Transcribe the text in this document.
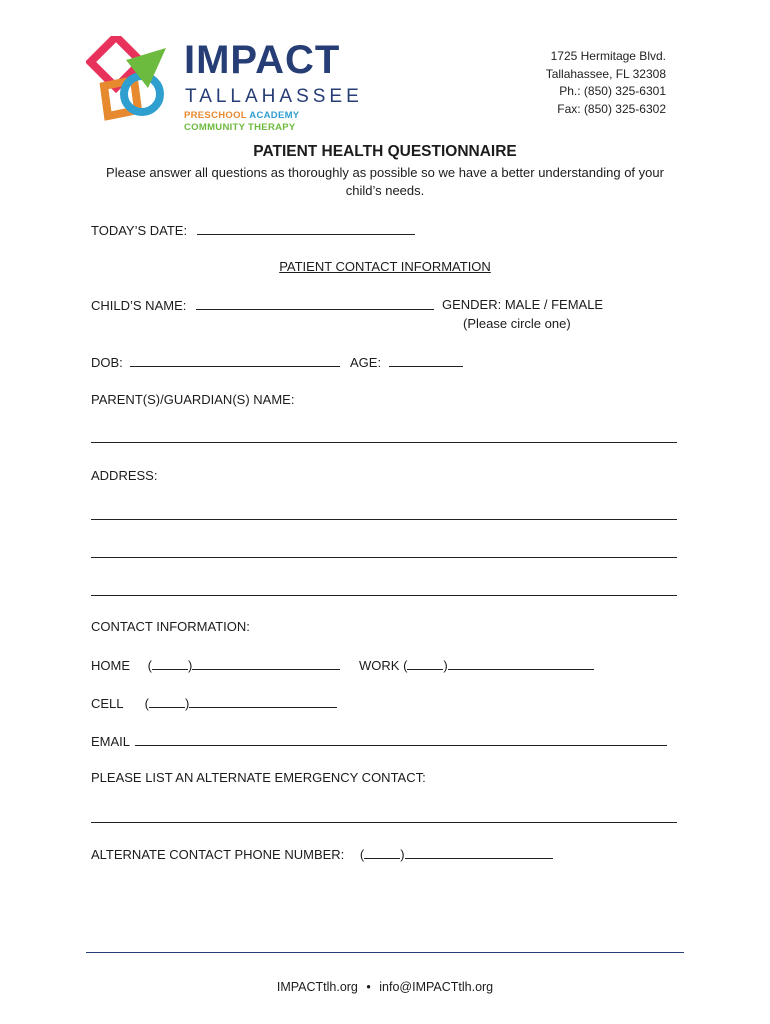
IMPACT
TALLAHASSEE
PRESCHOOL ACADEMY COMMUNITY THERAPY
1725 Hermitage Blvd.
Tallahassee, FL 32308
Ph.: (850) 325-6301
Fax: (850) 325-6302
PATIENT HEALTH QUESTIONNAIRE
Please answer all questions as thoroughly as possible so we have a better understanding of your child’s needs.
TODAY’S DATE:
PATIENT CONTACT INFORMATION
CHILD’S NAME:	GENDER: MALE / FEMALE
(Please circle one)
DOB:	AGE:
PARENT(S)/GUARDIAN(S) NAME:
ADDRESS:
CONTACT INFORMATION:
HOME (	)	WORK (	)
CELL (	)
EMAIL
PLEASE LIST AN ALTERNATE EMERGENCY CONTACT:
ALTERNATE CONTACT PHONE NUMBER: (	)
IMPACTtlh.org • info@IMPACTtlh.org
